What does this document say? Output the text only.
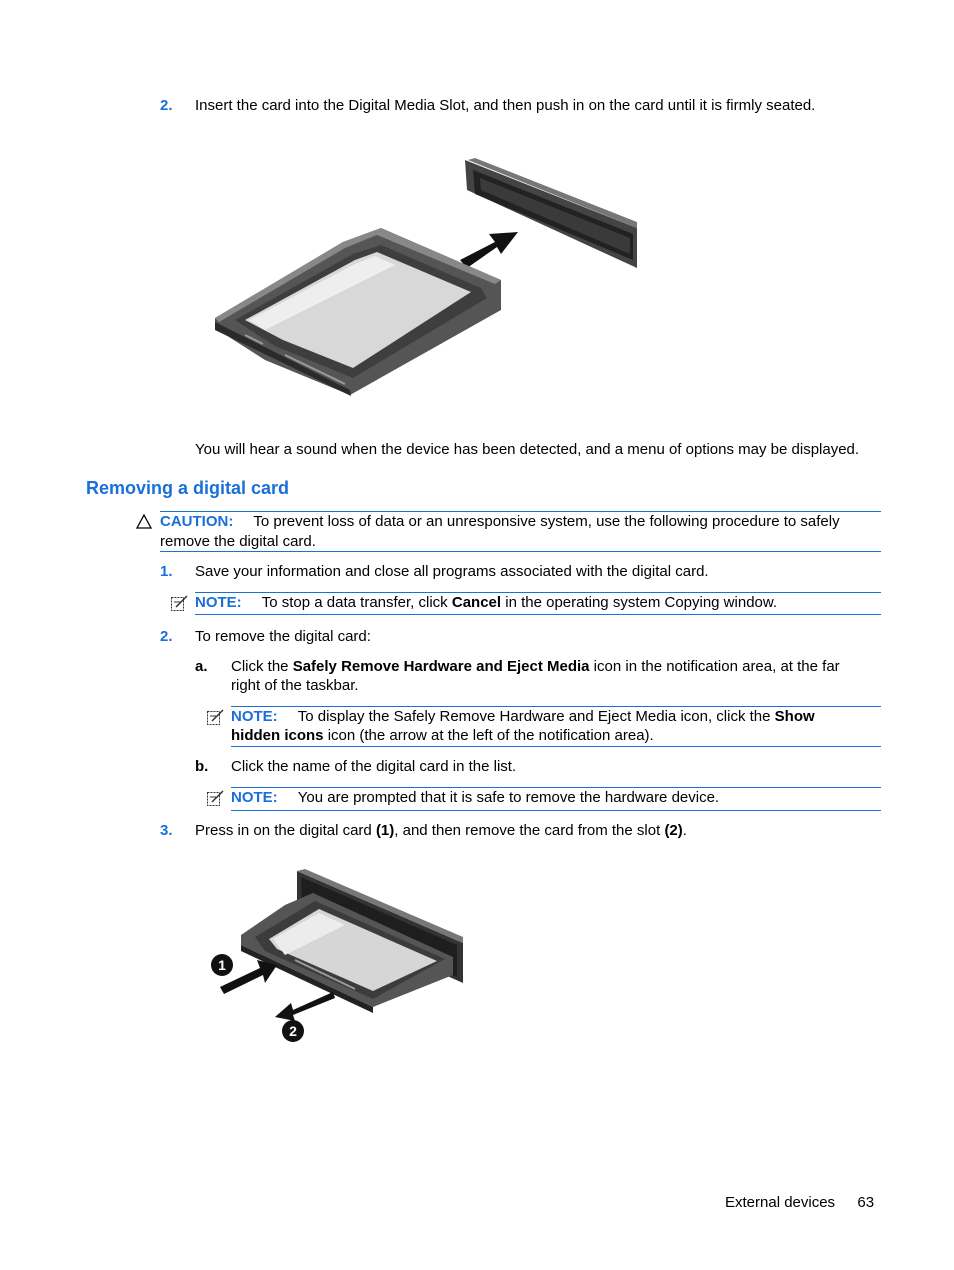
2. Insert the card into the Digital Media Slot, and then push in on the card until it is firmly seated.
You will hear a sound when the device has been detected, and a menu of options may be displayed.
Removing a digital card
CAUTION: To prevent loss of data or an unresponsive system, use the following procedure to safely
remove the digital card.
1. Save your information and close all programs associated with the digital card.
NOTE: To stop a data transfer, click Cancel in the operating system Copying window.
2. To remove the digital card:
a. Click the Safely Remove Hardware and Eject Media icon in the notification area, at the far
right of the taskbar.
NOTE: To display the Safely Remove Hardware and Eject Media icon, click the Show
hidden icons icon (the arrow at the left of the notification area).
b. Click the name of the digital card in the list.
NOTE: You are prompted that it is safe to remove the hardware device.
3. Press in on the digital card (1), and then remove the card from the slot (2).
1
2
External devices 63
